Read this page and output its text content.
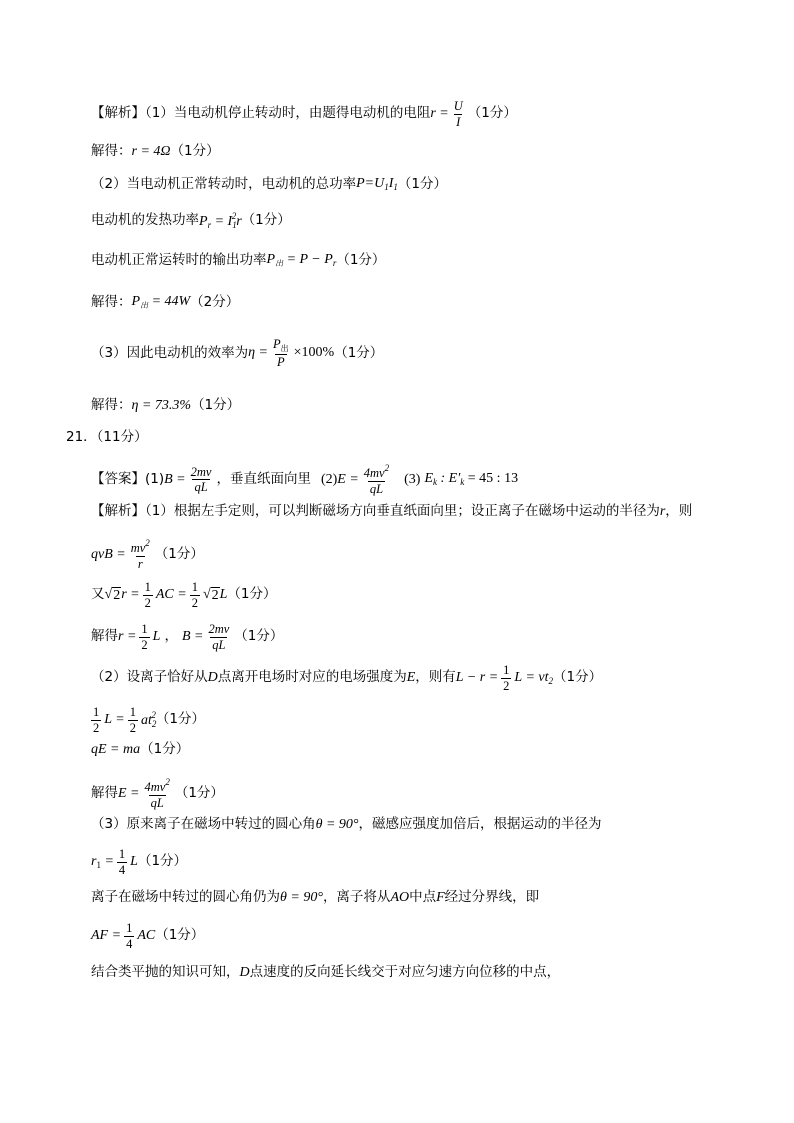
【解析】（1）当电动机停止转动时，由题得电动机的电阻 $r = \frac{U}{I} (1$分）
解得： r = 4Ω （1分）
（2）当电动机正常转动时，电动机的总功率 $P=U_1I_1$ （1分）
电动机的发热功率 $P_r = I_1^2r$ （1分）
电动机正常运转时的输出功率 $P_出 = P - P_r$ （1分）
解得： $P_出 = 44W$ （2分）
（3）因此电动机的效率为 $\eta = \frac{P_出}{P} \times 100\%$ （1分）
解得： η = 73.3% （1分）
21．（11分）
【答案】(1) $B = \frac{2mv}{qL}$ ，垂直纸面向里 (2) $E = \frac{4mv^2}{qL} (3)$ $E_k$ : $E'_k = 45$ : 13
【解析】（1）根据左手定则，可以判断磁场方向垂直纸面向里；设正离子在磁场中运动的半径为 r ，则
qvB = $\frac{mv^2}{r} (1$分）
又 √ 2 $r = \frac{1}{2}$ AC = $\frac{1}{2}$ √ 2 L （1分）
解得 $r = \frac{1}{2}$ L ， $B = \frac{2mv}{qL} (1$分）
（2）设离子恰好从 D 点离开电场时对应的电场强度为 E ，则有 $L - r = \frac{1}{2}$ $L = vt_2$ （1分）
$\frac{1}{2}$ $L = \frac{1}{2} at_2^2$ （1分）
qE = ma （1分）
解得 $E = \frac{4mv^2}{qL} (1$分）
（3）原来离子在磁场中转过的圆心角 θ = 90° ，磁感应强度加倍后，根据运动的半径为
$r_1 = \frac{1}{4}$ L （1分）
离子在磁场中转过的圆心角仍为 θ = 90° ，离子将从 AO 中点 F 经过分界线，即
AF = $\frac{1}{4}$ AC （1分）
结合类平抛的知识可知， D 点速度的反向延长线交于对应匀速方向位移的中点，
